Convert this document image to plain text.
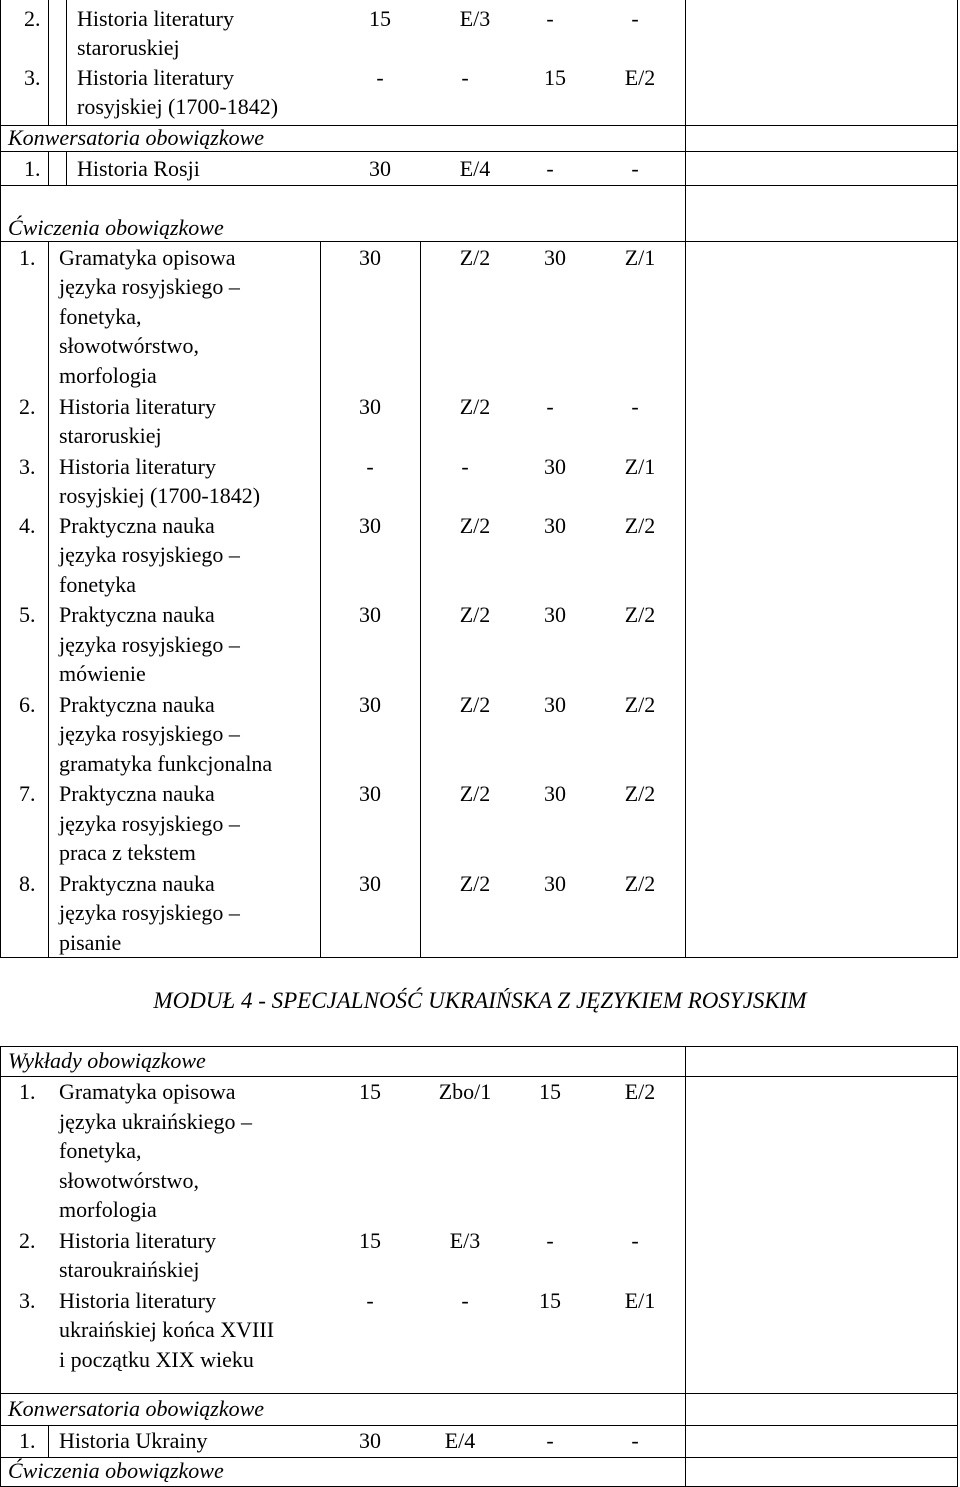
2. Historia literatury
staroruskiej
15	E/3	-	-
3. Historia literatury
rosyjskiej (1700-1842)
-	-	15	E/2
Konwersatoria obowiązkowe
1. Historia Rosji	30	E/4	-	-
Ćwiczenia obowiązkowe
1. Gramatyka opisowa
języka rosyjskiego –
fonetyka,
słowotwórstwo,
morfologia
30	Z/2	30	Z/1
2. Historia literatury
staroruskiej
30	Z/2	-	-
3. Historia literatury
rosyjskiej (1700-1842)
-	-	30	Z/1
4. Praktyczna nauka
języka rosyjskiego –
fonetyka
30	Z/2	30	Z/2
5. Praktyczna nauka
języka rosyjskiego –
mówienie
30	Z/2	30	Z/2
6. Praktyczna nauka
języka rosyjskiego –
gramatyka funkcjonalna
30	Z/2	30	Z/2
7. Praktyczna nauka
języka rosyjskiego –
praca z tekstem
30	Z/2	30	Z/2
8. Praktyczna nauka
języka rosyjskiego –
pisanie
30	Z/2	30	Z/2
MODUŁ 4 - SPECJALNOŚĆ UKRAIŃSKA Z JĘZYKIEM ROSYJSKIM
Wykłady obowiązkowe
1. Gramatyka opisowa
języka ukraińskiego –
fonetyka,
słowotwórstwo,
morfologia
15	Zbo/1	15	E/2
2. Historia literatury
staroukraińskiej
15	E/3	-	-
3. Historia literatury
ukraińskiej końca XVIII
i początku XIX wieku
-	-	15	E/1
Konwersatoria obowiązkowe
1. Historia Ukrainy	30	E/4	-	-
Ćwiczenia obowiązkowe
